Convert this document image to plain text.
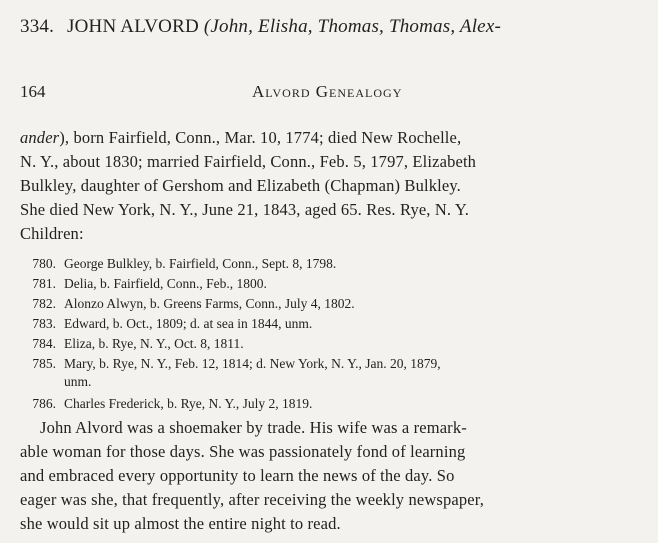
334. JOHN ALVORD (John, Elisha, Thomas, Thomas, Alex-
164	Alvord Genealogy
ander), born Fairfield, Conn., Mar. 10, 1774; died New Rochelle,
N. Y., about 1830; married Fairfield, Conn., Feb. 5, 1797, Elizabeth
Bulkley, daughter of Gershom and Elizabeth (Chapman) Bulkley.
She died New York, N. Y., June 21, 1843, aged 65. Res. Rye, N. Y.
Children:
780. George Bulkley, b. Fairfield, Conn., Sept. 8, 1798.
781. Delia, b. Fairfield, Conn., Feb., 1800.
782. Alonzo Alwyn, b. Greens Farms, Conn., July 4, 1802.
783. Edward, b. Oct., 1809; d. at sea in 1844, unm.
784. Eliza, b. Rye, N. Y., Oct. 8, 1811.
785. Mary, b. Rye, N. Y., Feb. 12, 1814; d. New York, N. Y., Jan. 20, 1879,
unm.
786. Charles Frederick, b. Rye, N. Y., July 2, 1819.
John Alvord was a shoemaker by trade. His wife was a remark-
able woman for those days. She was passionately fond of learning
and embraced every opportunity to learn the news of the day. So
eager was she, that frequently, after receiving the weekly newspaper,
she would sit up almost the entire night to read.
